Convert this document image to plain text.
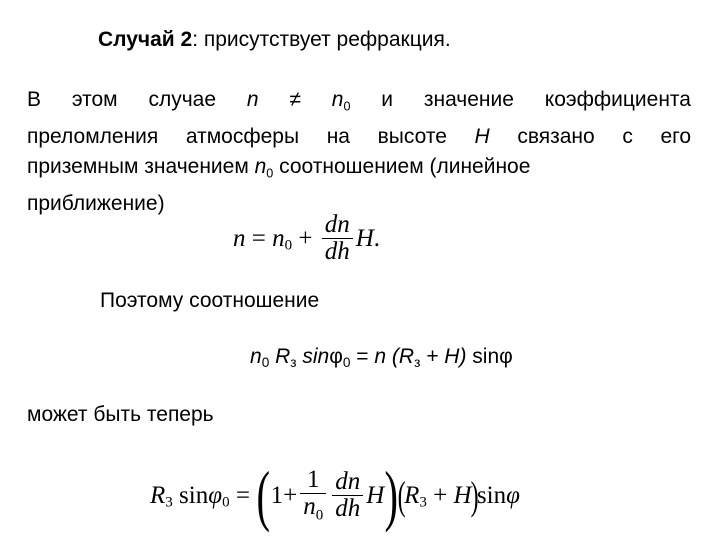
Случай 2: присутствует рефракция.
В этом случае $n \ne n_0$ и значение коэффициента
преломления атмосферы на высоте H связано с его
приземным значением $n_0$ соотношением (линейное
приближение)
$n = n_0 + \frac{dn}{dh} H$.
Поэтому соотношение
n0 Rз sinφ0 = n (Rз + H) sinφ
может быть теперь
$R_3$ $\sin\varphi_0 = (1+ \frac{1}{n_0} \frac{dn}{dh} H)(R_3 + H)\sin\varphi$
